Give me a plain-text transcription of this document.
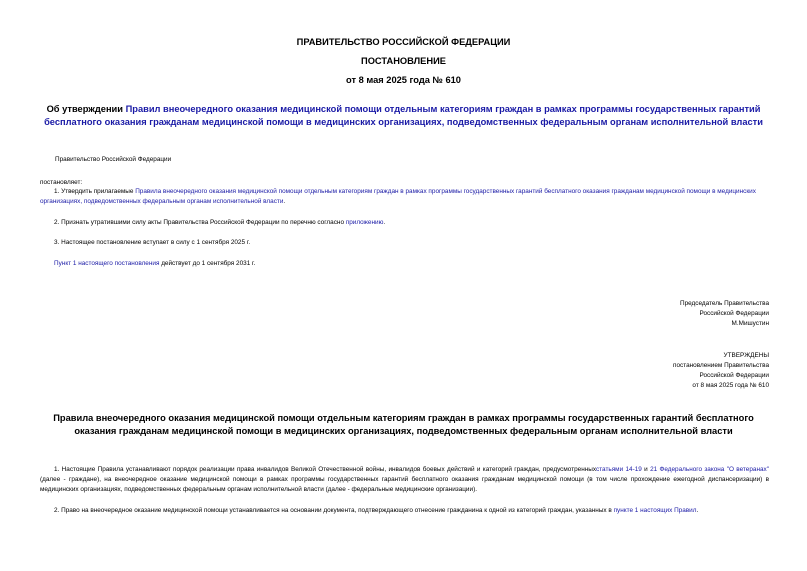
ПРАВИТЕЛЬСТВО РОССИЙСКОЙ ФЕДЕРАЦИИ
ПОСТАНОВЛЕНИЕ
от 8 мая 2025 года № 610
Об утверждении Правил внеочередного оказания медицинской помощи отдельным категориям граждан в рамках программы государственных гарантий бесплатного оказания гражданам медицинской помощи в медицинских организациях, подведомственных федеральным органам исполнительной власти
Правительство Российской Федерации
постановляет:
1. Утвердить прилагаемые Правила внеочередного оказания медицинской помощи отдельным категориям граждан в рамках программы государственных гарантий бесплатного оказания гражданам медицинской помощи в медицинских организациях, подведомственных федеральным органам исполнительной власти.
2. Признать утратившими силу акты Правительства Российской Федерации по перечню согласно приложению.
3. Настоящее постановление вступает в силу с 1 сентября 2025 г.
Пункт 1 настоящего постановления действует до 1 сентября 2031 г.
Председатель Правительства
Российской Федерации
М.Мишустин
УТВЕРЖДЕНЫ
постановлением Правительства
Российской Федерации
от 8 мая 2025 года № 610
Правила внеочередного оказания медицинской помощи отдельным категориям граждан в рамках программы государственных гарантий бесплатного оказания гражданам медицинской помощи в медицинских организациях, подведомственных федеральным органам исполнительной власти
1. Настоящие Правила устанавливают порядок реализации права инвалидов Великой Отечественной войны, инвалидов боевых действий и категорий граждан, предусмотренныхстатьями 14-19 и 21 Федерального закона "О ветеранах" (далее - граждане), на внеочередное оказание медицинской помощи в рамках программы государственных гарантий бесплатного оказания гражданам медицинской помощи (в том числе прохождение ежегодной диспансеризации) в медицинских организациях, подведомственных федеральным органам исполнительной власти (далее - федеральные медицинские организации).
2. Право на внеочередное оказание медицинской помощи устанавливается на основании документа, подтверждающего отнесение гражданина к одной из категорий граждан, указанных в пункте 1 настоящих Правил.
